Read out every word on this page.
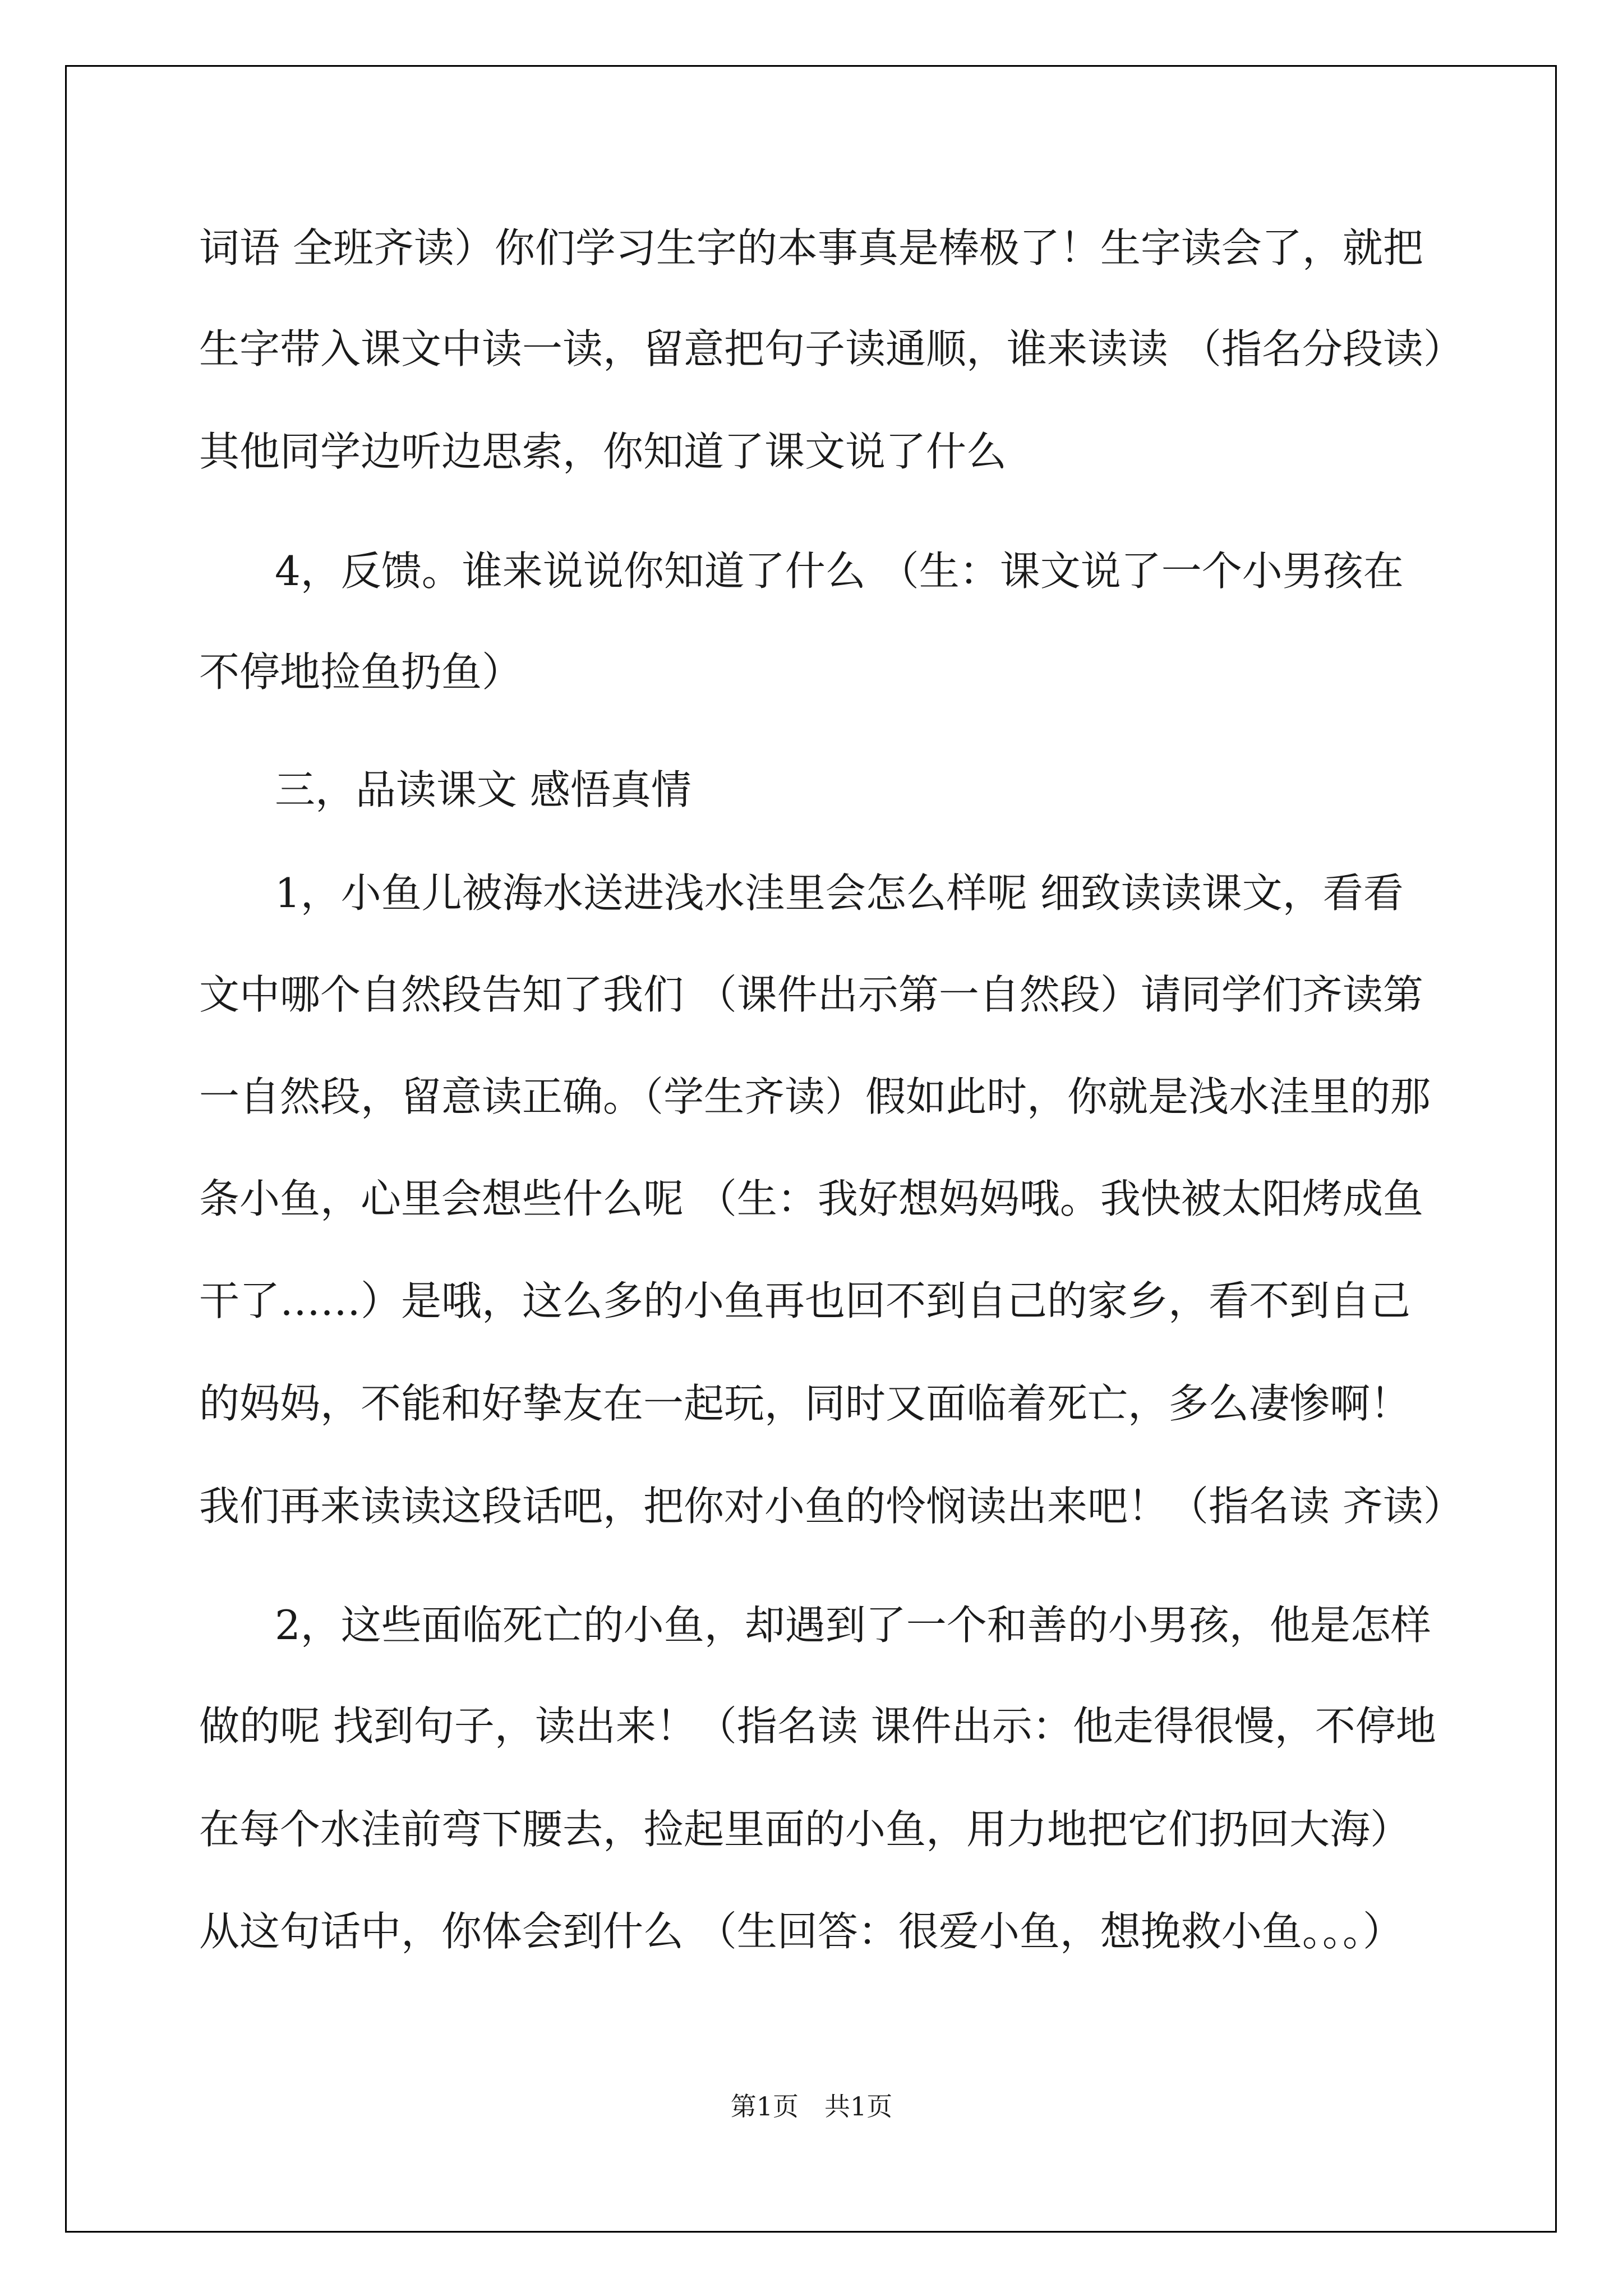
词语 全班齐读）你们学习生字的本事真是棒极了！生字读会了，就把
生字带入课文中读一读，留意把句子读通顺，谁来读读 （指名分段读）
其他同学边听边思索，你知道了课文说了什么
4，反馈。谁来说说你知道了什么 （生：课文说了一个小男孩在
不停地捡鱼扔鱼）
三，品读课文 感悟真情
1，小鱼儿被海水送进浅水洼里会怎么样呢 细致读读课文，看看
文中哪个自然段告知了我们 （课件出示第一自然段）请同学们齐读第
一自然段，留意读正确。（学生齐读）假如此时，你就是浅水洼里的那
条小鱼，心里会想些什么呢 （生：我好想妈妈哦。我快被太阳烤成鱼
干了……）是哦，这么多的小鱼再也回不到自己的家乡，看不到自己
的妈妈，不能和好挚友在一起玩，同时又面临着死亡，多么凄惨啊！
我们再来读读这段话吧，把你对小鱼的怜悯读出来吧！（指名读 齐读）
2，这些面临死亡的小鱼，却遇到了一个和善的小男孩，他是怎样
做的呢 找到句子，读出来！（指名读 课件出示：他走得很慢，不停地
在每个水洼前弯下腰去，捡起里面的小鱼，用力地把它们扔回大海）
从这句话中，你体会到什么 （生回答：很爱小鱼，想挽救小鱼。。。）
第1页　共1页
